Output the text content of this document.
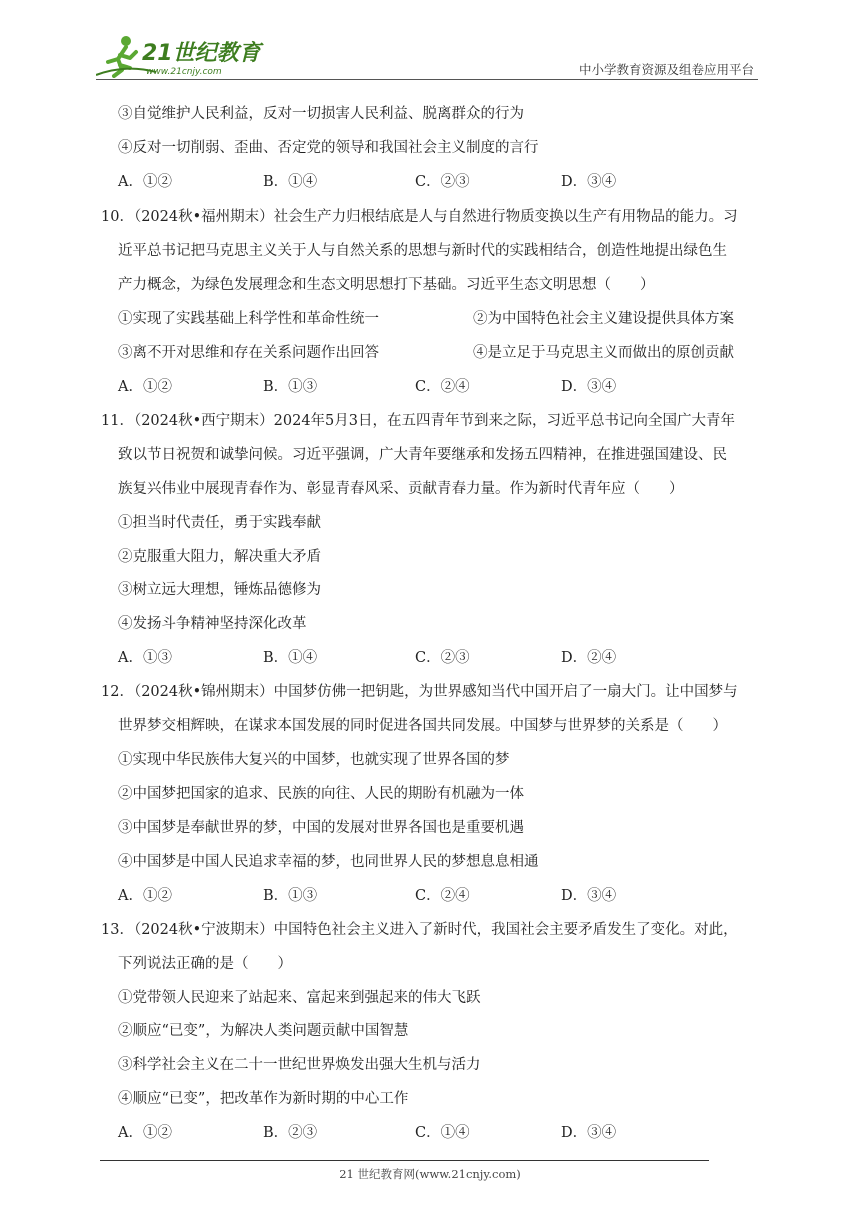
21世纪教育
www.21cnjy.com	中小学教育资源及组卷应用平台
③自觉维护人民利益，反对一切损害人民利益、脱离群众的行为
④反对一切削弱、歪曲、否定党的领导和我国社会主义制度的言行
A．①②	B．①④	C．②③	D．③④
10．（2024秋•福州期末）社会生产力归根结底是人与自然进行物质变换以生产有用物品的能力。习
近平总书记把马克思主义关于人与自然关系的思想与新时代的实践相结合，创造性地提出绿色生
产力概念，为绿色发展理念和生态文明思想打下基础。习近平生态文明思想（　　）
①实现了实践基础上科学性和革命性统一	②为中国特色社会主义建设提供具体方案
③离不开对思维和存在关系问题作出回答	④是立足于马克思主义而做出的原创贡献
A．①②	B．①③	C．②④	D．③④
11．（2024秋•西宁期末）2024年5月3日，在五四青年节到来之际，习近平总书记向全国广大青年
致以节日祝贺和诚挚问候。习近平强调，广大青年要继承和发扬五四精神，在推进强国建设、民
族复兴伟业中展现青春作为、彰显青春风采、贡献青春力量。作为新时代青年应（　　）
①担当时代责任，勇于实践奉献
②克服重大阻力，解决重大矛盾
③树立远大理想，锤炼品德修为
④发扬斗争精神坚持深化改革
A．①③	B．①④	C．②③	D．②④
12．（2024秋•锦州期末）中国梦仿佛一把钥匙，为世界感知当代中国开启了一扇大门。让中国梦与
世界梦交相辉映，在谋求本国发展的同时促进各国共同发展。中国梦与世界梦的关系是（　　）
①实现中华民族伟大复兴的中国梦，也就实现了世界各国的梦
②中国梦把国家的追求、民族的向往、人民的期盼有机融为一体
③中国梦是奉献世界的梦，中国的发展对世界各国也是重要机遇
④中国梦是中国人民追求幸福的梦，也同世界人民的梦想息息相通
A．①②	B．①③	C．②④	D．③④
13．（2024秋•宁波期末）中国特色社会主义进入了新时代，我国社会主要矛盾发生了变化。对此，
下列说法正确的是（　　）
①党带领人民迎来了站起来、富起来到强起来的伟大飞跃
②顺应“已变”，为解决人类问题贡献中国智慧
③科学社会主义在二十一世纪世界焕发出强大生机与活力
④顺应“已变”，把改革作为新时期的中心工作
A．①②	B．②③	C．①④	D．③④
21 世纪教育网(www.21cnjy.com)
